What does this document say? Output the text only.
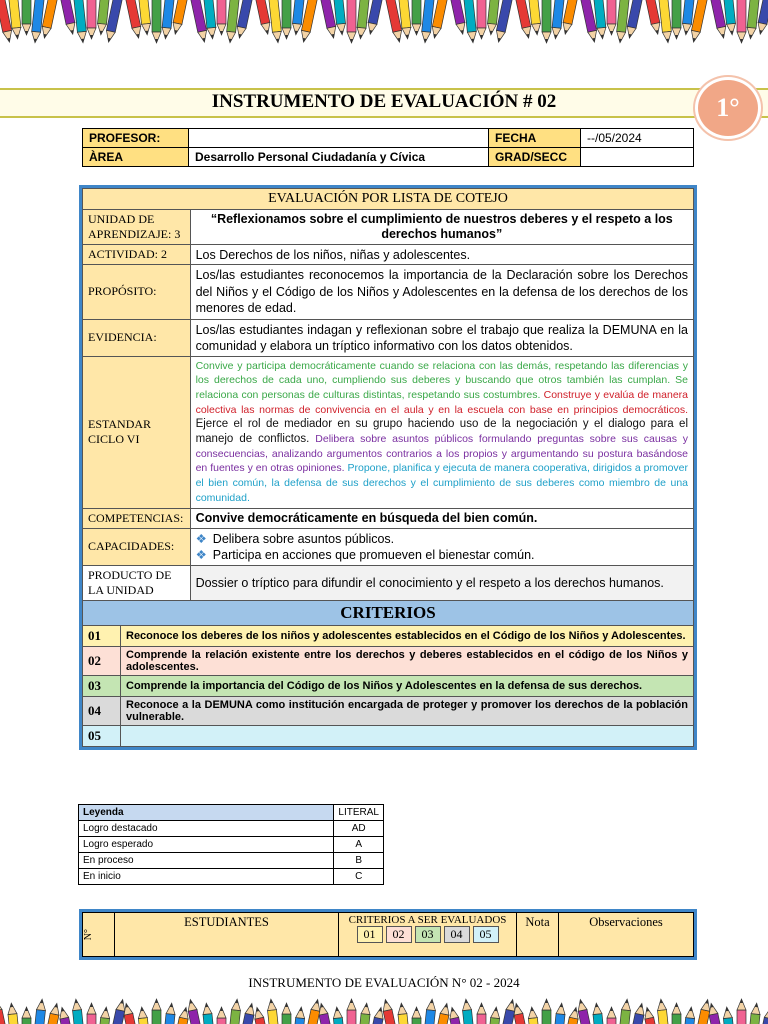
INSTRUMENTO DE EVALUACIÓN # 02	1°
PROFESOR:		FECHA	--/05/2024
ÀREA	Desarrollo Personal Ciudadanía y Cívica	GRAD/SECC	
EVALUACIÓN POR LISTA DE COTEJO		
UNIDAD DE APRENDIZAJE: 3		“Reflexionamos sobre el cumplimiento de nuestros deberes y el respeto a los derechos humanos”
ACTIVIDAD: 2		Los Derechos de los niños, niñas y adolescentes.
PROPÓSITO:		Los/las estudiantes reconocemos la importancia de la Declaración sobre los Derechos del Niños y el Código de los Niños y Adolescentes en la defensa de los derechos de los menores de edad.
EVIDENCIA:		Los/las estudiantes indagan y reflexionan sobre el trabajo que realiza la DEMUNA en la comunidad y elabora un tríptico informativo con los datos obtenidos.
ESTANDAR CICLO VI		Convive y participa democráticamente cuando se relaciona con las demás, respetando las diferencias y los derechos de cada uno, cumpliendo sus deberes y buscando que otros también las cumplan. Se relaciona con personas de culturas distintas, respetando sus costumbres. Construye y evalúa de manera colectiva las normas de convivencia en el aula y en la escuela con base en principios democráticos. Ejerce el rol de mediador en su grupo haciendo uso de la negociación y el dialogo para el manejo de conflictos. Delibera sobre asuntos públicos formulando preguntas sobre sus causas y consecuencias, analizando argumentos contrarios a los propios y argumentando su postura basándose en fuentes y en otras opiniones. Propone, planifica y ejecuta de manera cooperativa, dirigidos a promover el bien común, la defensa de sus derechos y el cumplimiento de sus deberes como miembro de una comunidad.
COMPETENCIAS:		Convive democráticamente en búsqueda del bien común.
CAPACIDADES:		❖ Delibera sobre asuntos públicos.
❖ Participa en acciones que promueven el bienestar común.

PRODUCTO DE LA UNIDAD		Dossier o tríptico para difundir el conocimiento y el respeto a los derechos humanos.
CRITERIOS		
01	Reconoce los deberes de los niños y adolescentes establecidos en el Código de los Niños y Adolescentes.	
02	Comprende la relación existente entre los derechos y deberes establecidos en el código de los Niños y adolescentes.	
03	Comprende la importancia del Código de los Niños y Adolescentes en la defensa de sus derechos.	
04	Reconoce a la DEMUNA como institución encargada de proteger y promover los derechos de la población vulnerable.	
05		
Leyenda	LITERAL
Logro destacado	AD
Logro esperado	A
En proceso	B
En inicio	C
N°
	ESTUDIANTES	CRITERIOS A SER EVALUADOS
01	02	03	04	05
	Nota	Observaciones
INSTRUMENTO DE EVALUACIÓN N° 02 - 2024
